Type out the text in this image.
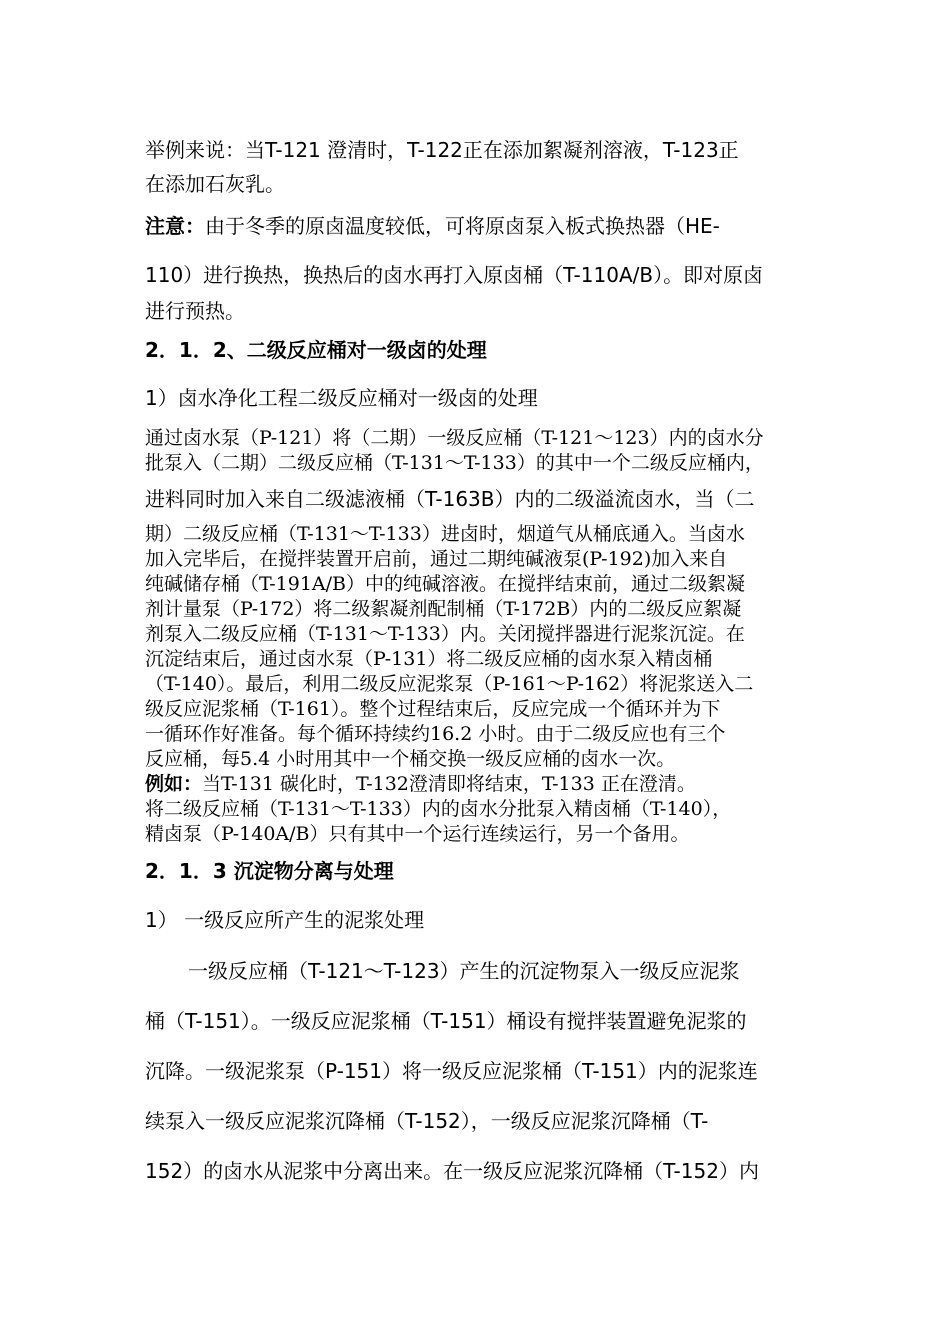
举例来说：当T-121 澄清时，T-122正在添加絮凝剂溶液，T-123正
在添加石灰乳。
注意：由于冬季的原卤温度较低，可将原卤泵入板式换热器（HE-
110）进行换热，换热后的卤水再打入原卤桶（T-110A/B）。即对原卤
进行预热。
2．1．2、二级反应桶对一级卤的处理
1）卤水净化工程二级反应桶对一级卤的处理
通过卤水泵（P-121）将（二期）一级反应桶（T-121～123）内的卤水分
批泵入（二期）二级反应桶（T-131～T-133）的其中一个二级反应桶内，
进料同时加入来自二级滤液桶（T-163B）内的二级溢流卤水，当（二
期）二级反应桶（T-131～T-133）进卤时，烟道气从桶底通入。当卤水
加入完毕后，在搅拌装置开启前，通过二期纯碱液泵(P-192)加入来自
纯碱储存桶（T-191A/B）中的纯碱溶液。在搅拌结束前，通过二级絮凝
剂计量泵（P-172）将二级絮凝剂配制桶（T-172B）内的二级反应絮凝
剂泵入二级反应桶（T-131～T-133）内。关闭搅拌器进行泥浆沉淀。在
沉淀结束后，通过卤水泵（P-131）将二级反应桶的卤水泵入精卤桶
（T-140）。最后，利用二级反应泥浆泵（P-161～P-162）将泥浆送入二
级反应泥浆桶（T-161）。整个过程结束后，反应完成一个循环并为下
一循环作好准备。每个循环持续约16.2 小时。由于二级反应也有三个
反应桶，每5.4 小时用其中一个桶交换一级反应桶的卤水一次。
例如：当T-131 碳化时，T-132澄清即将结束，T-133 正在澄清。
将二级反应桶（T-131～T-133）内的卤水分批泵入精卤桶（T-140），
精卤泵（P-140A/B）只有其中一个运行连续运行，另一个备用。
2．1．3 沉淀物分离与处理
1） 一级反应所产生的泥浆处理
一级反应桶（T-121～T-123）产生的沉淀物泵入一级反应泥浆
桶（T-151）。一级反应泥浆桶（T-151）桶设有搅拌装置避免泥浆的
沉降。一级泥浆泵（P-151）将一级反应泥浆桶（T-151）内的泥浆连
续泵入一级反应泥浆沉降桶（T-152），一级反应泥浆沉降桶（T-
152）的卤水从泥浆中分离出来。在一级反应泥浆沉降桶（T-152）内
